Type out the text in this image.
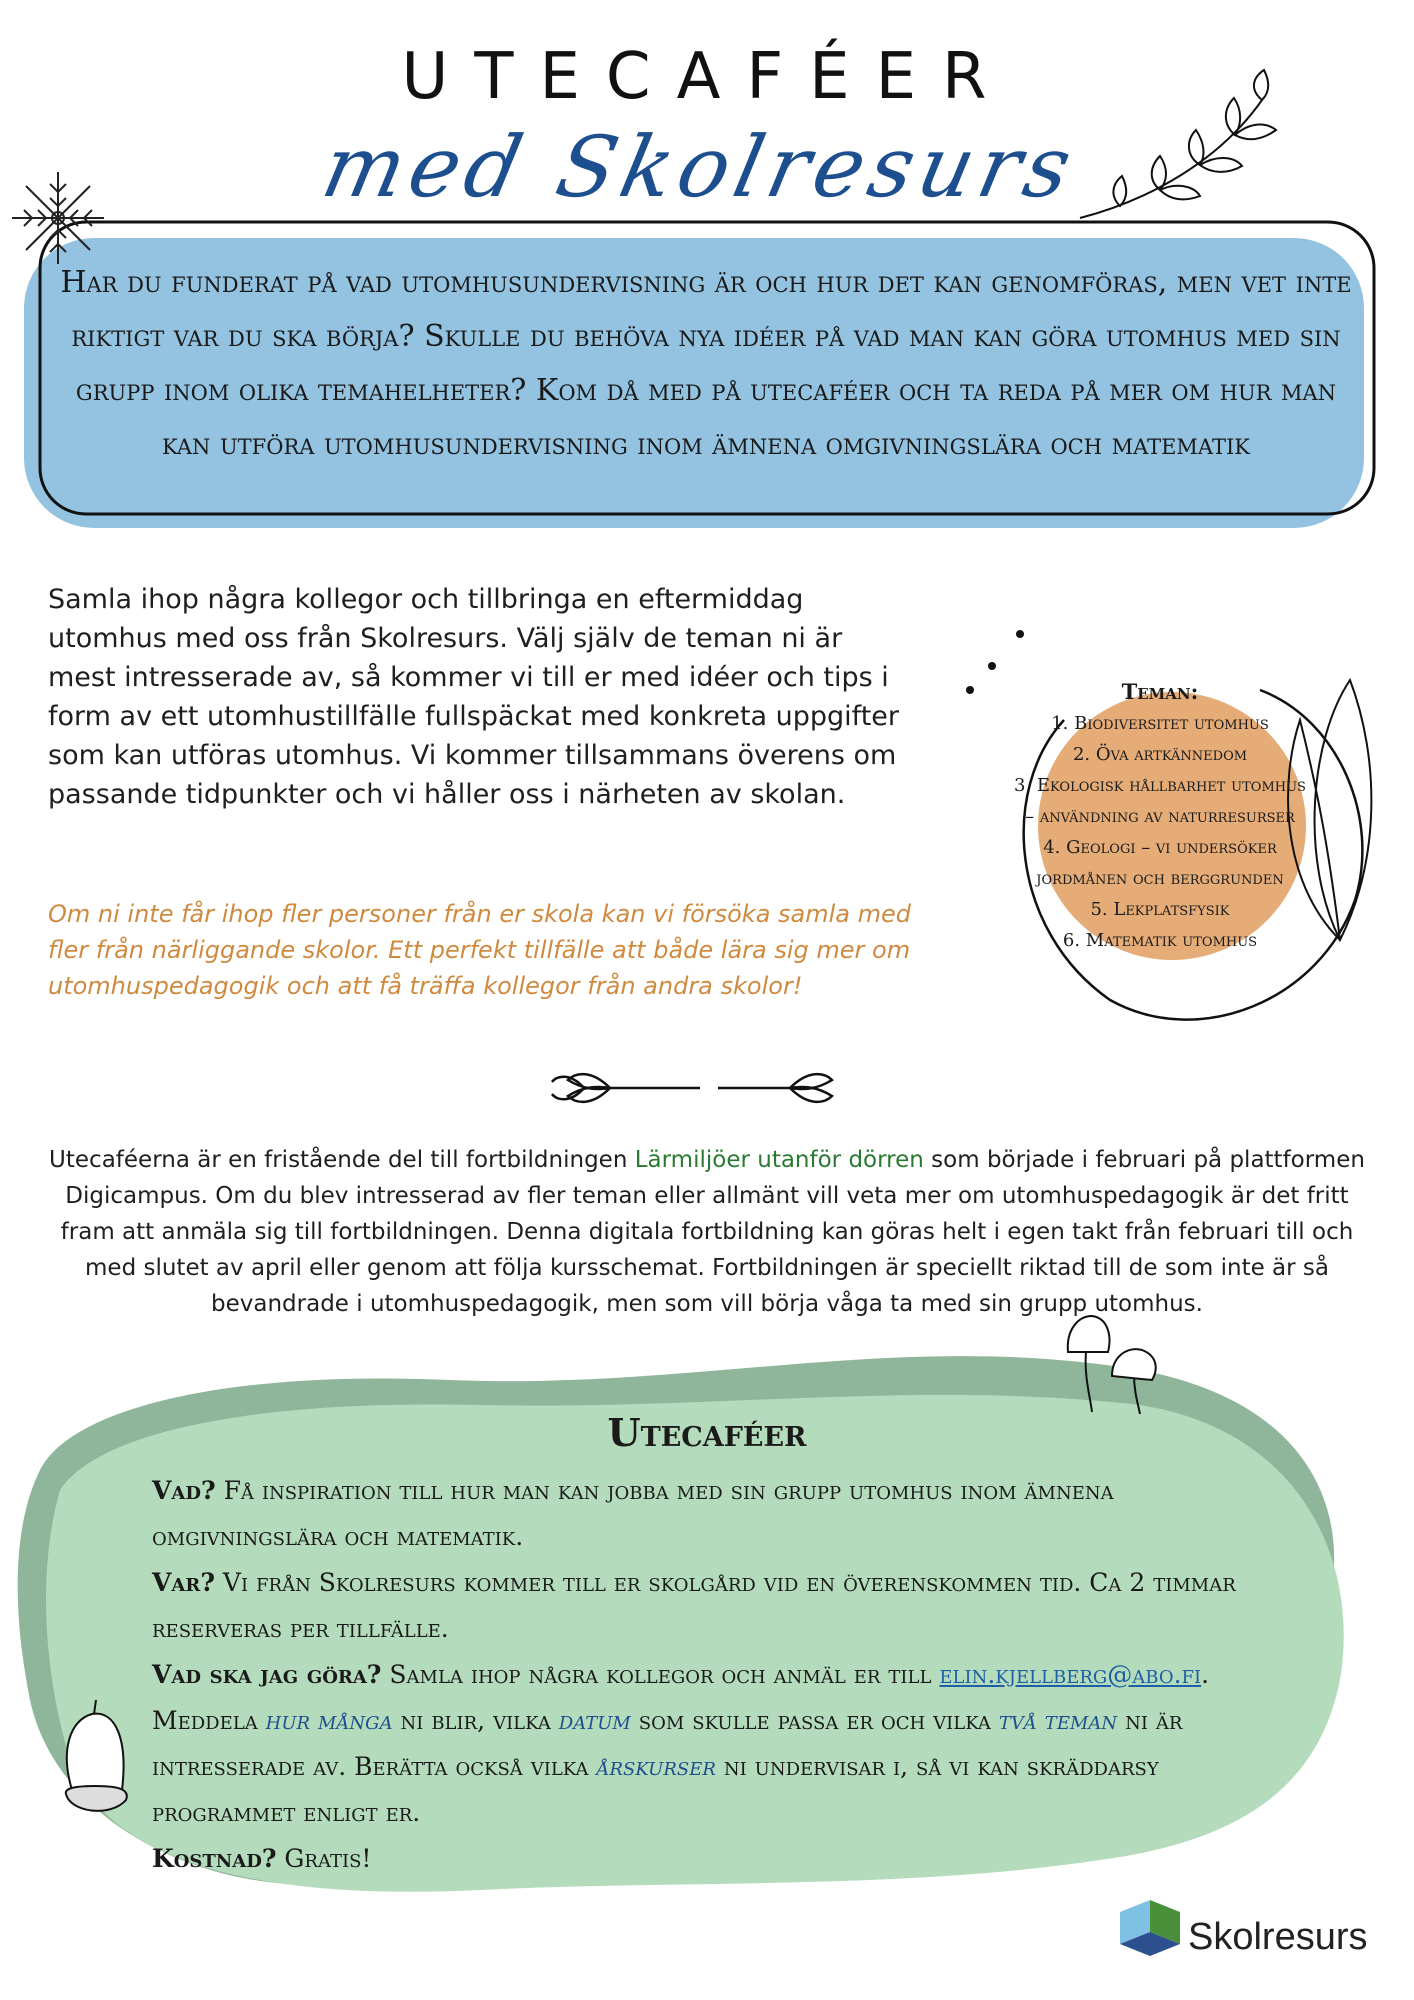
UTECAFÉER
med Skolresurs
Har du funderat på vad utomhusundervisning är och hur det kan genomföras, men vet inte riktigt var du ska börja? Skulle du behöva nya idéer på vad man kan göra utomhus med sin grupp inom olika temahelheter? Kom då med på utecaféer och ta reda på mer om hur man kan utföra utomhusundervisning inom ämnena omgivningslära och matematik
Samla ihop några kollegor och tillbringa en eftermiddag utomhus med oss från Skolresurs. Välj själv de teman ni är mest intresserade av, så kommer vi till er med idéer och tips i form av ett utomhustillfälle fullspäckat med konkreta uppgifter som kan utföras utomhus. Vi kommer tillsammans överens om passande tidpunkter och vi håller oss i närheten av skolan.
Om ni inte får ihop fler personer från er skola kan vi försöka samla med fler från närliggande skolor. Ett perfekt tillfälle att både lära sig mer om utomhuspedagogik och att få träffa kollegor från andra skolor!
Teman:
1. Biodiversitet utomhus
2. Öva artkännedom
3. Ekologisk hållbarhet utomhus
– användning av naturresurser
4. Geologi – vi undersöker
jordmånen och berggrunden
5. Lekplatsfysik
6. Matematik utomhus
Utecaféerna är en fristående del till fortbildningen Lärmiljöer utanför dörren som började i februari på plattformen Digicampus. Om du blev intresserad av fler teman eller allmänt vill veta mer om utomhuspedagogik är det fritt fram att anmäla sig till fortbildningen. Denna digitala fortbildning kan göras helt i egen takt från februari till och med slutet av april eller genom att följa kursschemat. Fortbildningen är speciellt riktad till de som inte är så bevandrade i utomhuspedagogik, men som vill börja våga ta med sin grupp utomhus.
Utecaféer
Vad? Få inspiration till hur man kan jobba med sin grupp utomhus inom ämnena omgivningslära och matematik.
Var? Vi från Skolresurs kommer till er skolgård vid en överenskommen tid. Ca 2 timmar reserveras per tillfälle.
Vad ska jag göra? Samla ihop några kollegor och anmäl er till elin.kjellberg@abo.fi. Meddela hur många ni blir, vilka datum som skulle passa er och vilka två teman ni är intresserade av. Berätta också vilka årskurser ni undervisar i, så vi kan skräddarsy programmet enligt er.
Kostnad? Gratis!
Skolresurs
